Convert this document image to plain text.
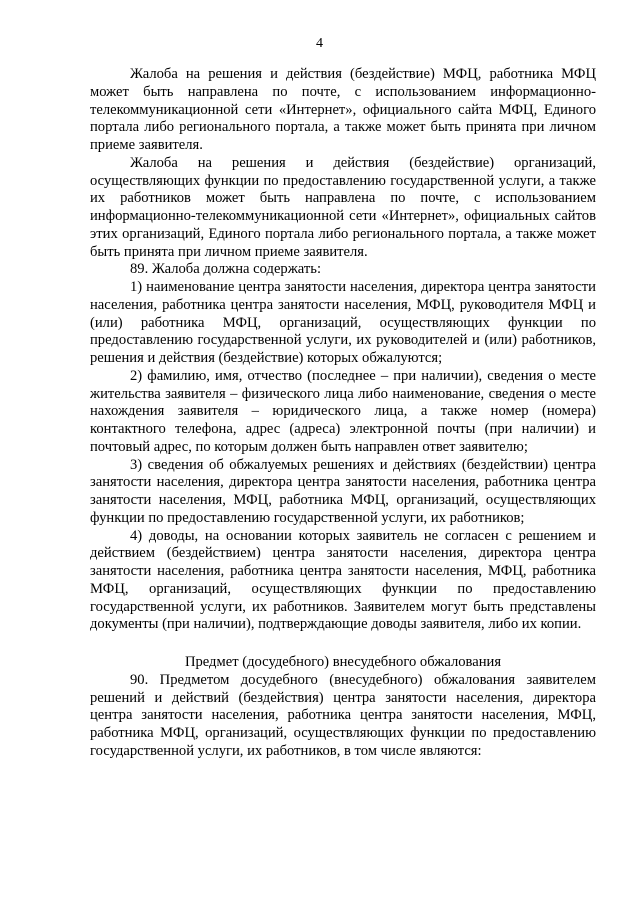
4

Жалоба на решения и действия (бездействие) МФЦ, работника МФЦ может быть направлена по почте, с использованием информационно-телекоммуникационной сети «Интернет», официального сайта МФЦ, Единого портала либо регионального портала, а также может быть принята при личном приеме заявителя.

Жалоба на решения и действия (бездействие) организаций, осуществляющих функции по предоставлению государственной услуги, а также их работников может быть направлена по почте, с использованием информационно-телекоммуникационной сети «Интернет», официальных сайтов этих организаций, Единого портала либо регионального портала, а также может быть принята при личном приеме заявителя.

89. Жалоба должна содержать:

1) наименование центра занятости населения, директора центра занятости населения, работника центра занятости населения, МФЦ, руководителя МФЦ и (или) работника МФЦ, организаций, осуществляющих функции по предоставлению государственной услуги, их руководителей и (или) работников, решения и действия (бездействие) которых обжалуются;

2) фамилию, имя, отчество (последнее – при наличии), сведения о месте жительства заявителя – физического лица либо наименование, сведения о месте нахождения заявителя – юридического лица, а также номер (номера) контактного телефона, адрес (адреса) электронной почты (при наличии) и почтовый адрес, по которым должен быть направлен ответ заявителю;

3) сведения об обжалуемых решениях и действиях (бездействии) центра занятости населения, директора центра занятости населения, работника центра занятости населения, МФЦ, работника МФЦ, организаций, осуществляющих функции по предоставлению государственной услуги, их работников;

4) доводы, на основании которых заявитель не согласен с решением и действием (бездействием) центра занятости населения, директора центра занятости населения, работника центра занятости населения, МФЦ, работника МФЦ, организаций, осуществляющих функции по предоставлению государственной услуги, их работников. Заявителем могут быть представлены документы (при наличии), подтверждающие доводы заявителя, либо их копии.

Предмет (досудебного) внесудебного обжалования

90. Предметом досудебного (внесудебного) обжалования заявителем решений и действий (бездействия) центра занятости населения, директора центра занятости населения, работника центра занятости населения, МФЦ, работника МФЦ, организаций, осуществляющих функции по предоставлению государственной услуги, их работников, в том числе являются:
